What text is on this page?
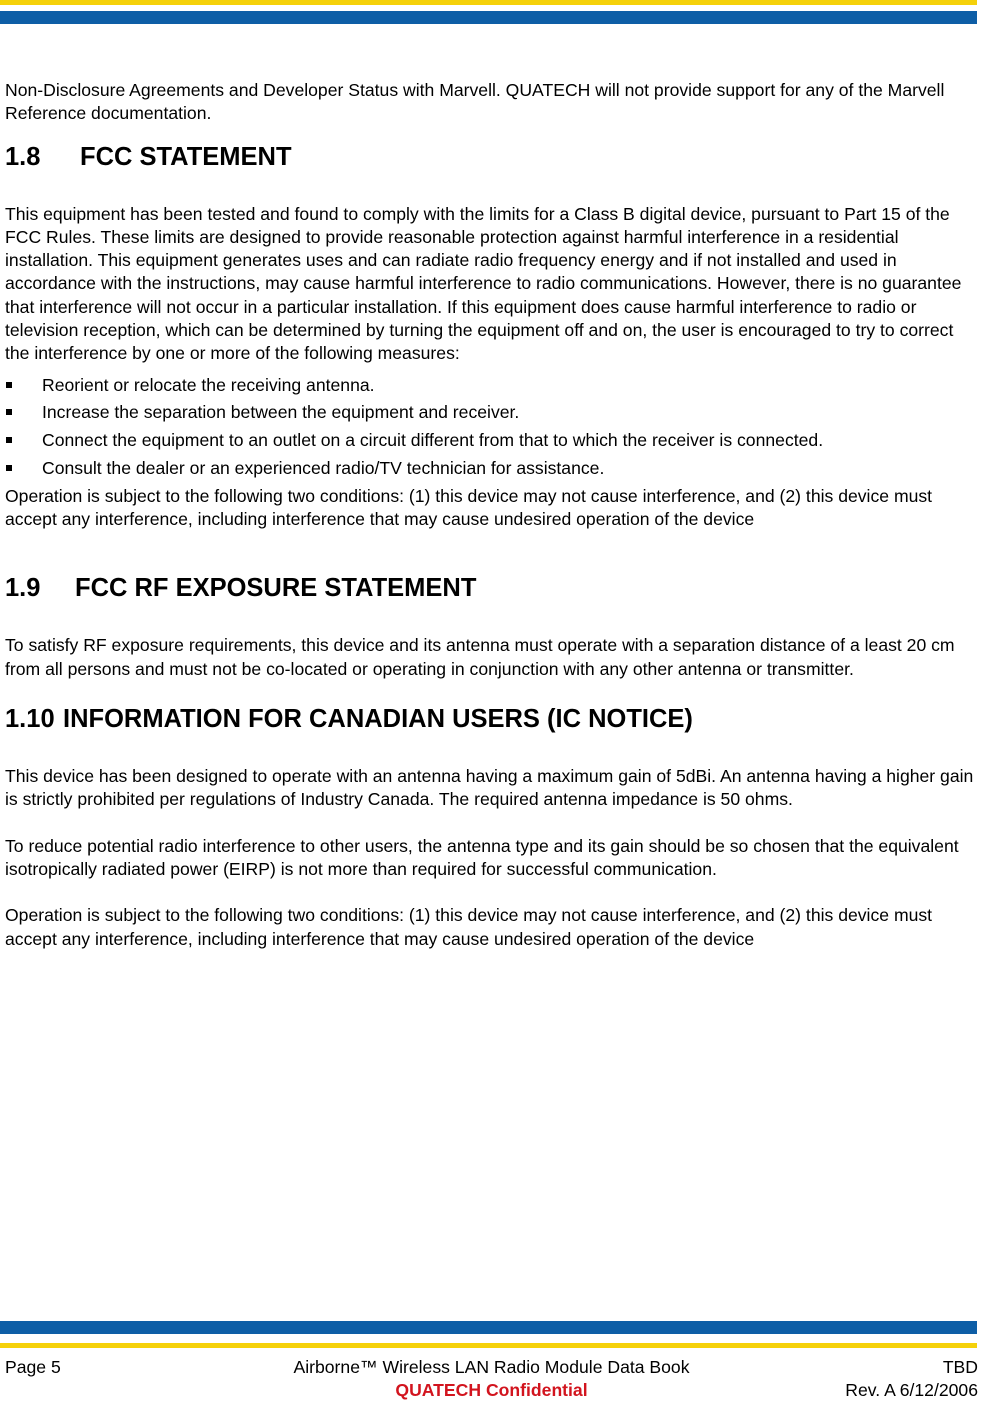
Non-Disclosure Agreements and Developer Status with Marvell. QUATECH will not provide support for any of the Marvell Reference documentation.

1.8	FCC STATEMENT

This equipment has been tested and found to comply with the limits for a Class B digital device, pursuant to Part 15 of the FCC Rules. These limits are designed to provide reasonable protection against harmful interference in a residential installation. This equipment generates uses and can radiate radio frequency energy and if not installed and used in accordance with the instructions, may cause harmful interference to radio communications. However, there is no guarantee that interference will not occur in a particular installation. If this equipment does cause harmful interference to radio or television reception, which can be determined by turning the equipment off and on, the user is encouraged to try to correct the interference by one or more of the following measures:

Reorient or relocate the receiving antenna.
Increase the separation between the equipment and receiver.
Connect the equipment to an outlet on a circuit different from that to which the receiver is connected.
Consult the dealer or an experienced radio/TV technician for assistance.

Operation is subject to the following two conditions: (1) this device may not cause interference, and (2) this device must accept any interference, including interference that may cause undesired operation of the device

1.9	FCC RF EXPOSURE STATEMENT

To satisfy RF exposure requirements, this device and its antenna must operate with a separation distance of a least 20 cm from all persons and must not be co-located or operating in conjunction with any other antenna or transmitter.

1.10 INFORMATION FOR CANADIAN USERS (IC NOTICE)

This device has been designed to operate with an antenna having a maximum gain of 5dBi. An antenna having a higher gain is strictly prohibited per regulations of Industry Canada. The required antenna impedance is 50 ohms.

To reduce potential radio interference to other users, the antenna type and its gain should be so chosen that the equivalent isotropically radiated power (EIRP) is not more than required for successful communication.

Operation is subject to the following two conditions: (1) this device may not cause interference, and (2) this device must accept any interference, including interference that may cause undesired operation of the device

Page 5	Airborne™ Wireless LAN Radio Module Data Book	TBD
QUATECH Confidential	Rev. A 6/12/2006
